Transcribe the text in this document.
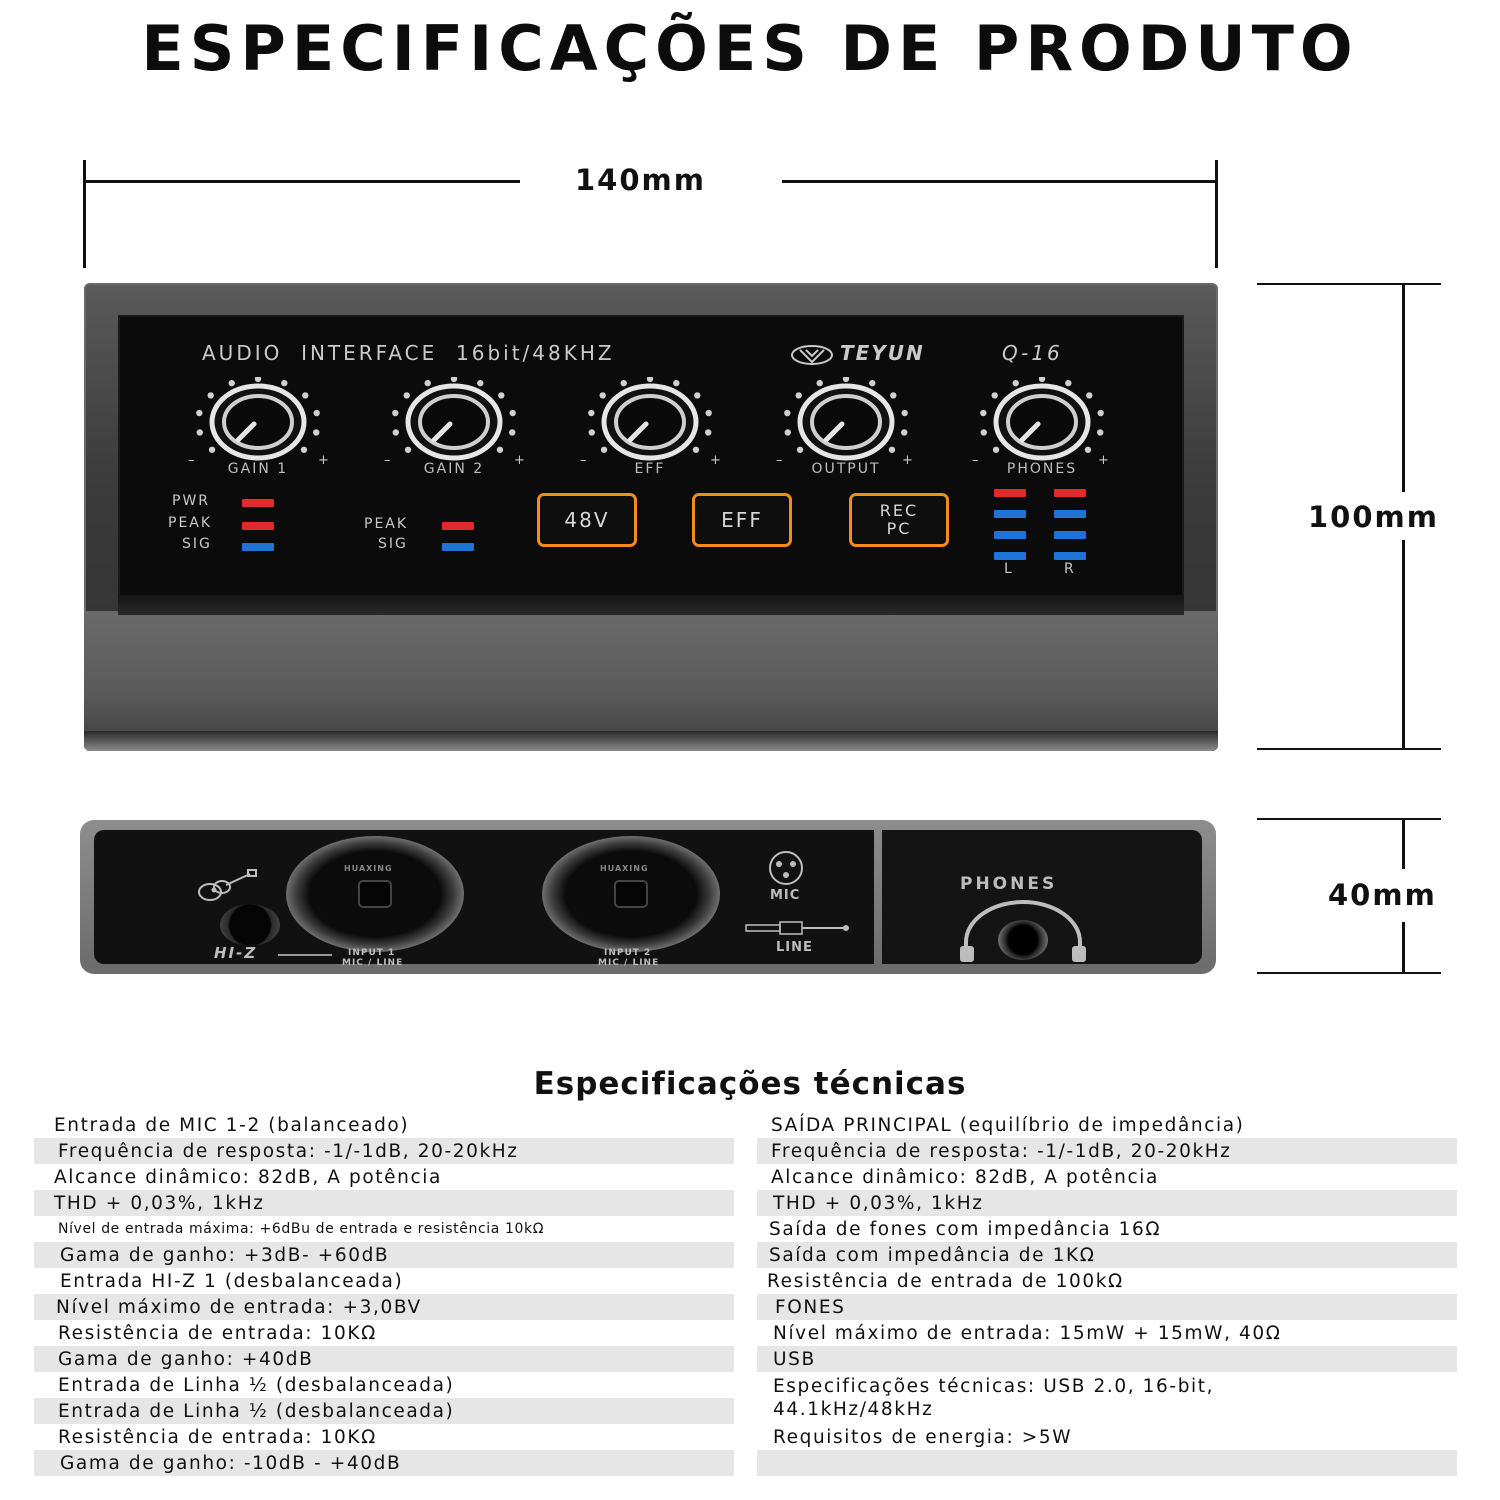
ESPECIFICAÇÕES DE PRODUTO
140mm
100mm
40mm
AUDIO  INTERFACE  16bit/48KHZ	TEYUN	Q-16
GAIN 1	GAIN 2	EFF	OUTPUT	PHONES
–	+	–	+	–	+	–	+	–	+
PWR
PEAK
SIG
PEAK
SIG
48V	EFF	REC
PC
L	R
HI-Z
HUAXING
INPUT 1
MIC / LINE
HUAXING
INPUT 2
MIC / LINE
MIC
LINE
PHONES
Especificações técnicas
Entrada de MIC 1-2 (balanceado)
Frequência de resposta: -1/-1dB, 20-20kHz
Alcance dinâmico: 82dB, A potência
THD + 0,03%, 1kHz
Nível de entrada máxima: +6dBu de entrada e resistência 10kΩ
Gama de ganho: +3dB- +60dB
Entrada HI-Z 1 (desbalanceada)
Nível máximo de entrada: +3,0BV
Resistência de entrada: 10KΩ
Gama de ganho: +40dB
Entrada de Linha ½ (desbalanceada)
Entrada de Linha ½ (desbalanceada)
Resistência de entrada: 10KΩ
Gama de ganho: -10dB - +40dB
SAÍDA PRINCIPAL (equilíbrio de impedância)
Frequência de resposta: -1/-1dB, 20-20kHz
Alcance dinâmico: 82dB, A potência
THD + 0,03%, 1kHz
Saída de fones com impedância 16Ω
Saída com impedância de 1KΩ
Resistência de entrada de 100kΩ
FONES
Nível máximo de entrada: 15mW + 15mW, 40Ω
USB
Especificações técnicas: USB 2.0, 16-bit, 44.1kHz/48kHz
Requisitos de energia: >5W
